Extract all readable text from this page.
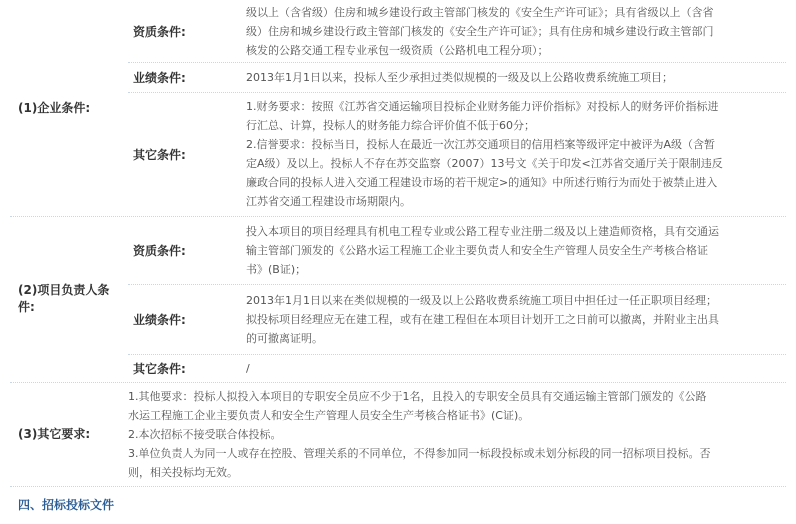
(1)企业条件:
资质条件:
级以上（含省级）住房和城乡建设行政主管部门核发的《安全生产许可证》；具有省级以上（含省
级）住房和城乡建设行政主管部门核发的《安全生产许可证》；具有住房和城乡建设行政主管部门
核发的公路交通工程专业承包一级资质（公路机电工程分项）；
业绩条件:	2013年1月1日以来，投标人至少承担过类似规模的一级及以上公路收费系统施工项目；
其它条件:
1.财务要求：按照《江苏省交通运输项目投标企业财务能力评价指标》对投标人的财务评价指标进
行汇总、计算，投标人的财务能力综合评价值不低于60分；
2.信誉要求：投标当日，投标人在最近一次江苏交通项目的信用档案等级评定中被评为A级（含暂
定A级）及以上。投标人不存在苏交监察（2007）13号文《关于印发<江苏省交通厅关于限制违反
廉政合同的投标人进入交通工程建设市场的若干规定>的通知》中所述行贿行为而处于被禁止进入
江苏省交通工程建设市场期限内。
(2)项目负责人条
件:
资质条件:
投入本项目的项目经理具有机电工程专业或公路工程专业注册二级及以上建造师资格，具有交通运
输主管部门颁发的《公路水运工程施工企业主要负责人和安全生产管理人员安全生产考核合格证
书》(B证)；
业绩条件:
2013年1月1日以来在类似规模的一级及以上公路收费系统施工项目中担任过一任正职项目经理；
拟投标项目经理应无在建工程，或有在建工程但在本项目计划开工之日前可以撤离，并附业主出具
的可撤离证明。
其它条件:	/
(3)其它要求:
1.其他要求：投标人拟投入本项目的专职安全员应不少于1名，且投入的专职安全员具有交通运输主管部门颁发的《公路
水运工程施工企业主要负责人和安全生产管理人员安全生产考核合格证书》(C证)。
2.本次招标不接受联合体投标。
3.单位负责人为同一人或存在控股、管理关系的不同单位，不得参加同一标段投标或未划分标段的同一招标项目投标。否
则，相关投标均无效。
四、招标投标文件
